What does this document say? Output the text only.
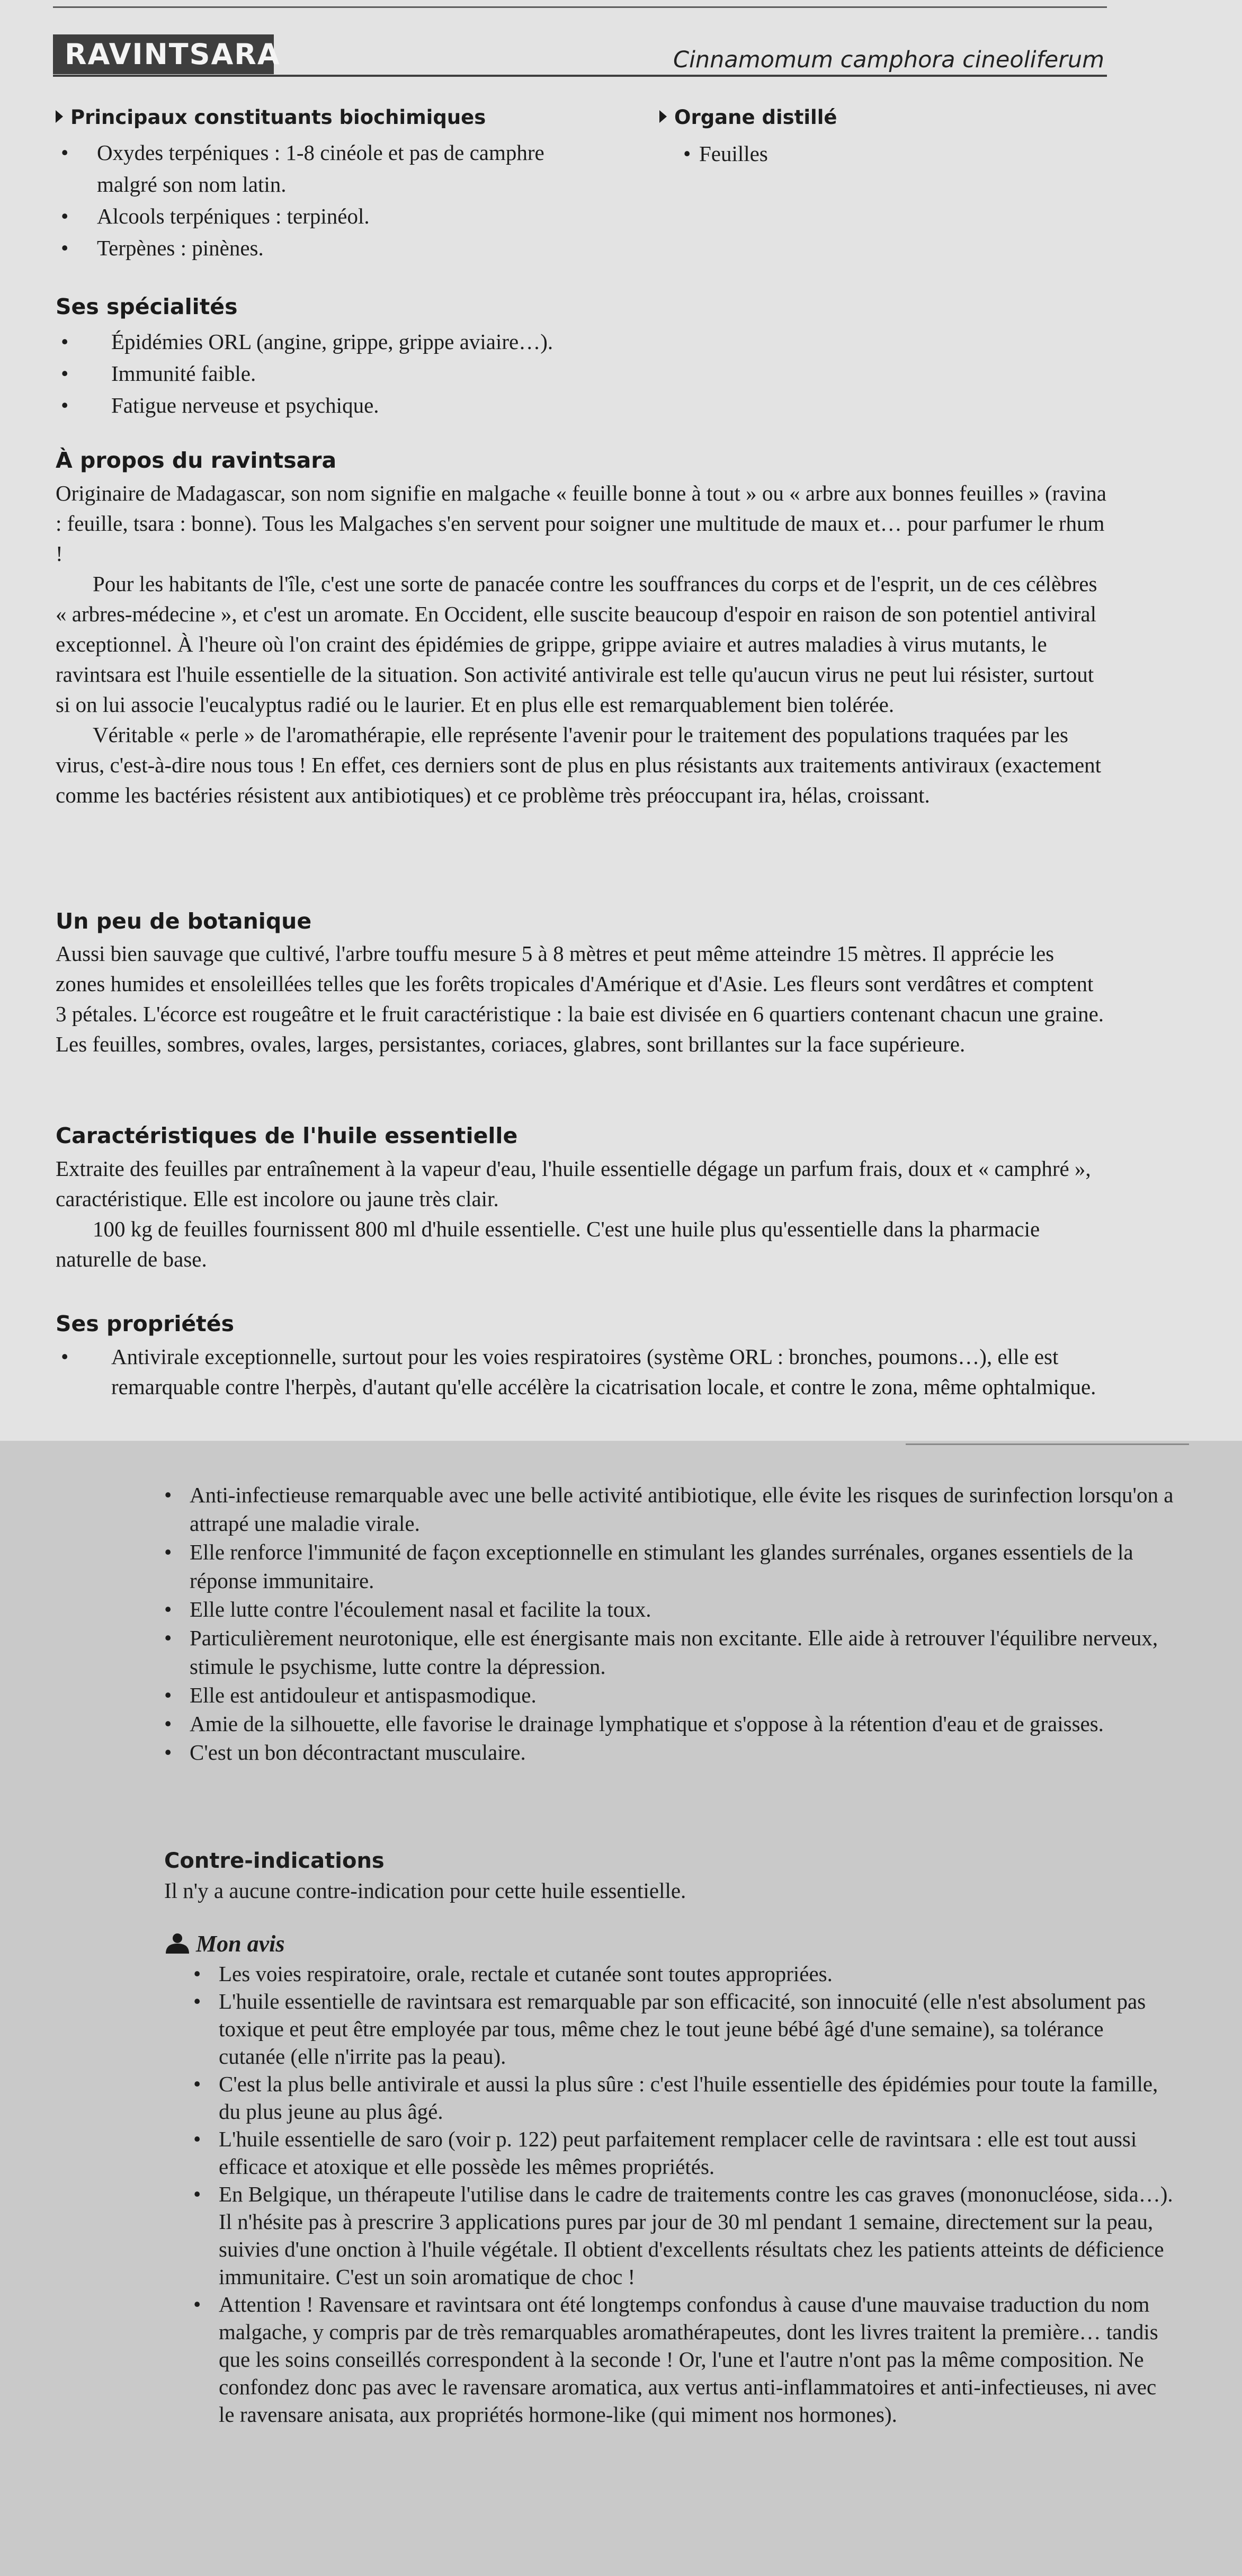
RAVINTSARA	Cinnamomum camphora cineoliferum
Principaux constituants biochimiques

• Oxydes terpéniques : 1-8 cinéole et pas de camphre malgré son nom latin.

• Alcools terpéniques : terpinéol.

• Terpènes : pinènes.

Organe distillé

• Feuilles

Ses spécialités

• Épidémies ORL (angine, grippe, grippe aviaire…).

• Immunité faible.

• Fatigue nerveuse et psychique.

À propos du ravintsara

Originaire de Madagascar, son nom signifie en malgache « feuille bonne à tout » ou « arbre aux bonnes feuilles » (ravina : feuille, tsara : bonne). Tous les Malgaches s'en servent pour soigner une multitude de maux et… pour parfumer le rhum !

Pour les habitants de l'île, c'est une sorte de panacée contre les souffrances du corps et de l'esprit, un de ces célèbres « arbres-médecine », et c'est un aromate. En Occident, elle suscite beaucoup d'espoir en raison de son potentiel antiviral exceptionnel. À l'heure où l'on craint des épidémies de grippe, grippe aviaire et autres maladies à virus mutants, le ravintsara est l'huile essentielle de la situation. Son activité antivirale est telle qu'aucun virus ne peut lui résister, surtout si on lui associe l'eucalyptus radié ou le laurier. Et en plus elle est remarquablement bien tolérée.

Véritable « perle » de l'aromathérapie, elle représente l'avenir pour le traitement des populations traquées par les virus, c'est-à-dire nous tous ! En effet, ces derniers sont de plus en plus résistants aux traitements antiviraux (exactement comme les bactéries résistent aux antibiotiques) et ce problème très préoccupant ira, hélas, croissant.

Un peu de botanique

Aussi bien sauvage que cultivé, l'arbre touffu mesure 5 à 8 mètres et peut même atteindre 15 mètres. Il apprécie les zones humides et ensoleillées telles que les forêts tropicales d'Amérique et d'Asie. Les fleurs sont verdâtres et comptent 3 pétales. L'écorce est rougeâtre et le fruit caractéristique : la baie est divisée en 6 quartiers contenant chacun une graine. Les feuilles, sombres, ovales, larges, persistantes, coriaces, glabres, sont brillantes sur la face supérieure.

Caractéristiques de l'huile essentielle

Extraite des feuilles par entraînement à la vapeur d'eau, l'huile essentielle dégage un parfum frais, doux et « camphré », caractéristique. Elle est incolore ou jaune très clair.

100 kg de feuilles fournissent 800 ml d'huile essentielle. C'est une huile plus qu'essentielle dans la pharmacie naturelle de base.

Ses propriétés

• Antivirale exceptionnelle, surtout pour les voies respiratoires (système ORL : bronches, poumons…), elle est remarquable contre l'herpès, d'autant qu'elle accélère la cicatrisation locale, et contre le zona, même ophtalmique.

• Anti-infectieuse remarquable avec une belle activité antibiotique, elle évite les risques de surinfection lorsqu'on a attrapé une maladie virale.

• Elle renforce l'immunité de façon exceptionnelle en stimulant les glandes surrénales, organes essentiels de la réponse immunitaire.

• Elle lutte contre l'écoulement nasal et facilite la toux.

• Particulièrement neurotonique, elle est énergisante mais non excitante. Elle aide à retrouver l'équilibre nerveux, stimule le psychisme, lutte contre la dépression.

• Elle est antidouleur et antispasmodique.

• Amie de la silhouette, elle favorise le drainage lymphatique et s'oppose à la rétention d'eau et de graisses.

• C'est un bon décontractant musculaire.

Contre-indications
Il n'y a aucune contre-indication pour cette huile essentielle.
Mon avis

• Les voies respiratoire, orale, rectale et cutanée sont toutes appropriées.

• L'huile essentielle de ravintsara est remarquable par son efficacité, son innocuité (elle n'est absolument pas toxique et peut être employée par tous, même chez le tout jeune bébé âgé d'une semaine), sa tolérance cutanée (elle n'irrite pas la peau).

• C'est la plus belle antivirale et aussi la plus sûre : c'est l'huile essentielle des épidémies pour toute la famille, du plus jeune au plus âgé.

• L'huile essentielle de saro (voir p. 122) peut parfaitement remplacer celle de ravintsara : elle est tout aussi efficace et atoxique et elle possède les mêmes propriétés.

• En Belgique, un thérapeute l'utilise dans le cadre de traitements contre les cas graves (mononucléose, sida…). Il n'hésite pas à prescrire 3 applications pures par jour de 30 ml pendant 1 semaine, directement sur la peau, suivies d'une onction à l'huile végétale. Il obtient d'excellents résultats chez les patients atteints de déficience immunitaire. C'est un soin aromatique de choc !

• Attention ! Ravensare et ravintsara ont été longtemps confondus à cause d'une mauvaise traduction du nom malgache, y compris par de très remarquables aromathérapeutes, dont les livres traitent la première… tandis que les soins conseillés correspondent à la seconde ! Or, l'une et l'autre n'ont pas la même composition. Ne confondez donc pas avec le ravensare aromatica, aux vertus anti-inflammatoires et anti-infectieuses, ni avec le ravensare anisata, aux propriétés hormone-like (qui miment nos hormones).
